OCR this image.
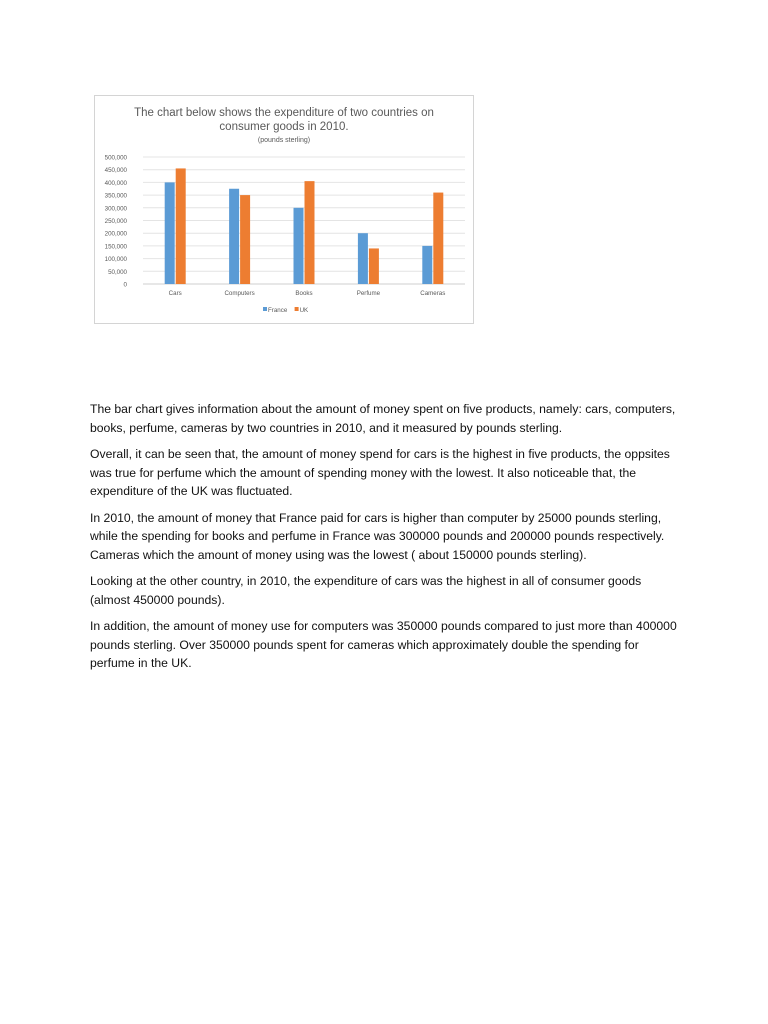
The chart below shows the expenditure of two countries on
consumer goods in 2010.
(pounds sterling)
0
50,000
100,000
150,000
200,000
250,000
300,000
350,000
400,000
450,000
500,000
Cars	Computers	Books	Perfume	Cameras
France UK

The bar chart gives information about the amount of money spent on five products, namely: cars, computers, books, perfume, cameras by two countries in 2010, and it measured by pounds sterling.

Overall, it can be seen that, the amount of money spend for cars is the highest in five products, the oppsites was true for perfume which the amount of spending money with the lowest. It also noticeable that, the expenditure of the UK was fluctuated.

In 2010, the amount of money that France paid for cars is higher than computer by 25000 pounds sterling, while the spending for books and perfume in France was 300000 pounds and 200000 pounds respectively. Cameras which the amount of money using was the lowest ( about 150000 pounds sterling).

Looking at the other country, in 2010, the expenditure of cars was the highest in all of consumer goods (almost 450000 pounds).

In addition, the amount of money use for computers was 350000 pounds compared to just more than 400000 pounds sterling. Over 350000 pounds spent for cameras which approximately double the spending for perfume in the UK.
